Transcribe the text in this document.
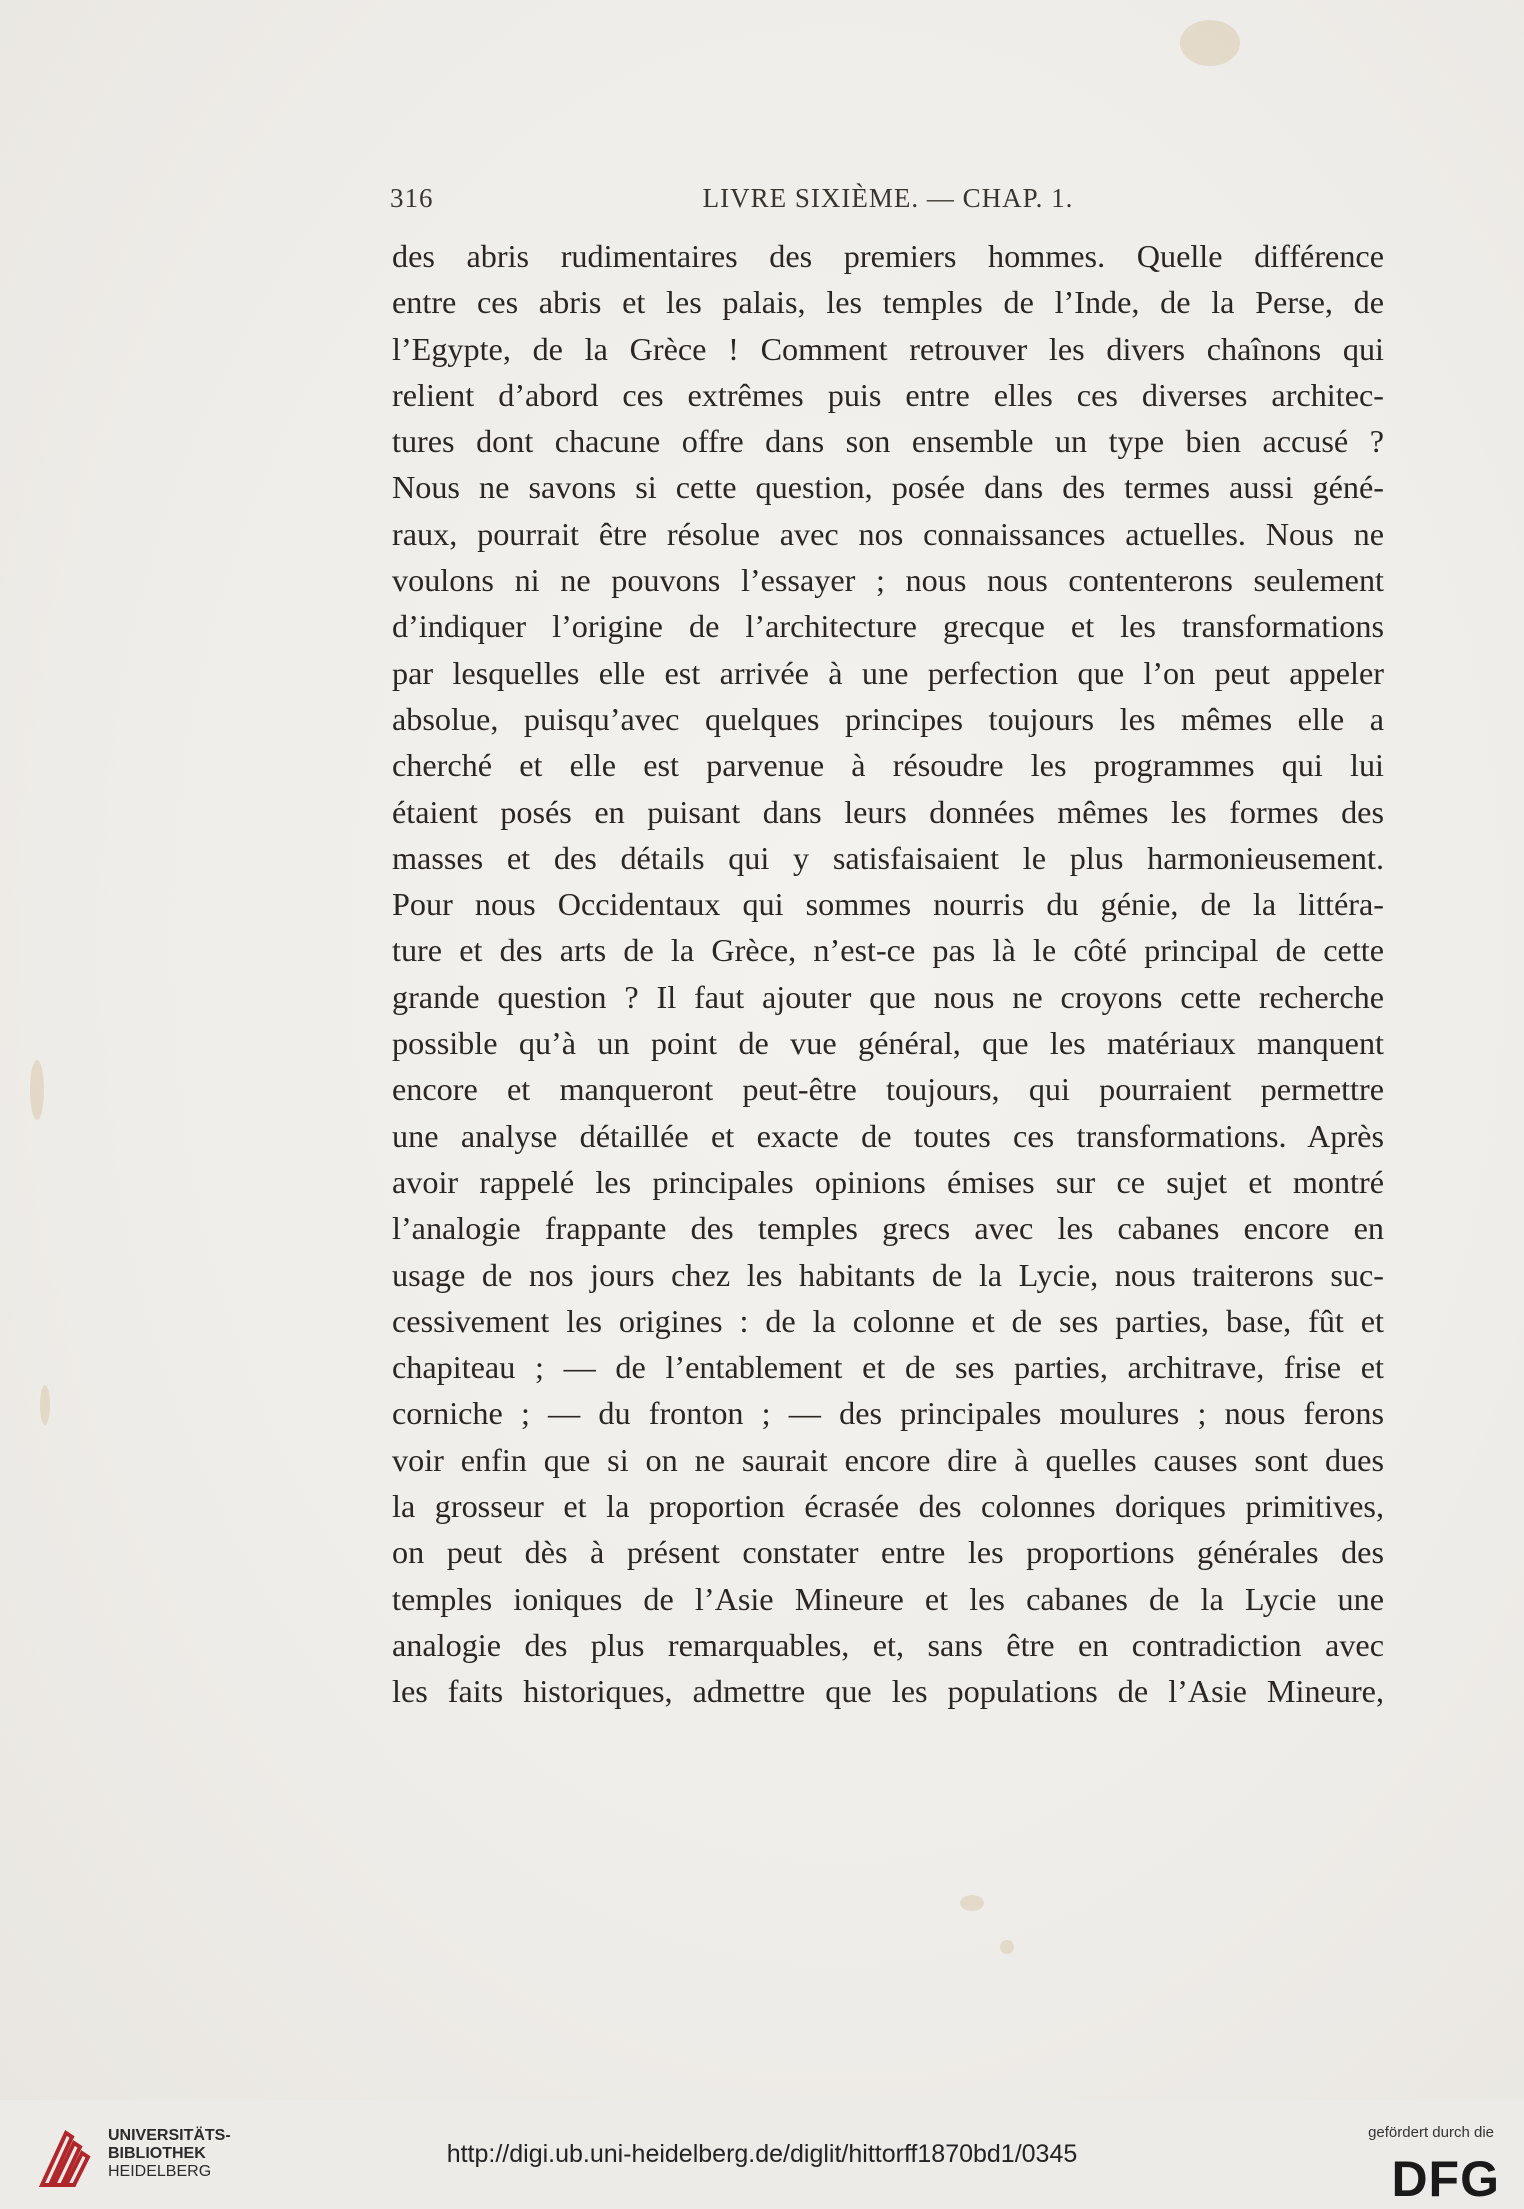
316	LIVRE SIXIÈME. — CHAP. 1.
des abris rudimentaires des premiers hommes. Quelle différence
entre ces abris et les palais, les temples de l’Inde, de la Perse, de
l’Egypte, de la Grèce ! Comment retrouver les divers chaînons qui
relient d’abord ces extrêmes puis entre elles ces diverses architec-
tures dont chacune offre dans son ensemble un type bien accusé ?
Nous ne savons si cette question, posée dans des termes aussi géné-
raux, pourrait être résolue avec nos connaissances actuelles. Nous ne
voulons ni ne pouvons l’essayer ; nous nous contenterons seulement
d’indiquer l’origine de l’architecture grecque et les transformations
par lesquelles elle est arrivée à une perfection que l’on peut appeler
absolue, puisqu’avec quelques principes toujours les mêmes elle a
cherché et elle est parvenue à résoudre les programmes qui lui
étaient posés en puisant dans leurs données mêmes les formes des
masses et des détails qui y satisfaisaient le plus harmonieusement.
Pour nous Occidentaux qui sommes nourris du génie, de la littéra-
ture et des arts de la Grèce, n’est-ce pas là le côté principal de cette
grande question ? Il faut ajouter que nous ne croyons cette recherche
possible qu’à un point de vue général, que les matériaux manquent
encore et manqueront peut-être toujours, qui pourraient permettre
une analyse détaillée et exacte de toutes ces transformations. Après
avoir rappelé les principales opinions émises sur ce sujet et montré
l’analogie frappante des temples grecs avec les cabanes encore en
usage de nos jours chez les habitants de la Lycie, nous traiterons suc-
cessivement les origines : de la colonne et de ses parties, base, fût et
chapiteau ; — de l’entablement et de ses parties, architrave, frise et
corniche ; — du fronton ; — des principales moulures ; nous ferons
voir enfin que si on ne saurait encore dire à quelles causes sont dues
la grosseur et la proportion écrasée des colonnes doriques primitives,
on peut dès à présent constater entre les proportions générales des
temples ioniques de l’Asie Mineure et les cabanes de la Lycie une
analogie des plus remarquables, et, sans être en contradiction avec
les faits historiques, admettre que les populations de l’Asie Mineure,
UNIVERSITÄTS-
BIBLIOTHEK
HEIDELBERG
http://digi.ub.uni-heidelberg.de/diglit/hittorff1870bd1/0345
gefördert durch die
DFG
